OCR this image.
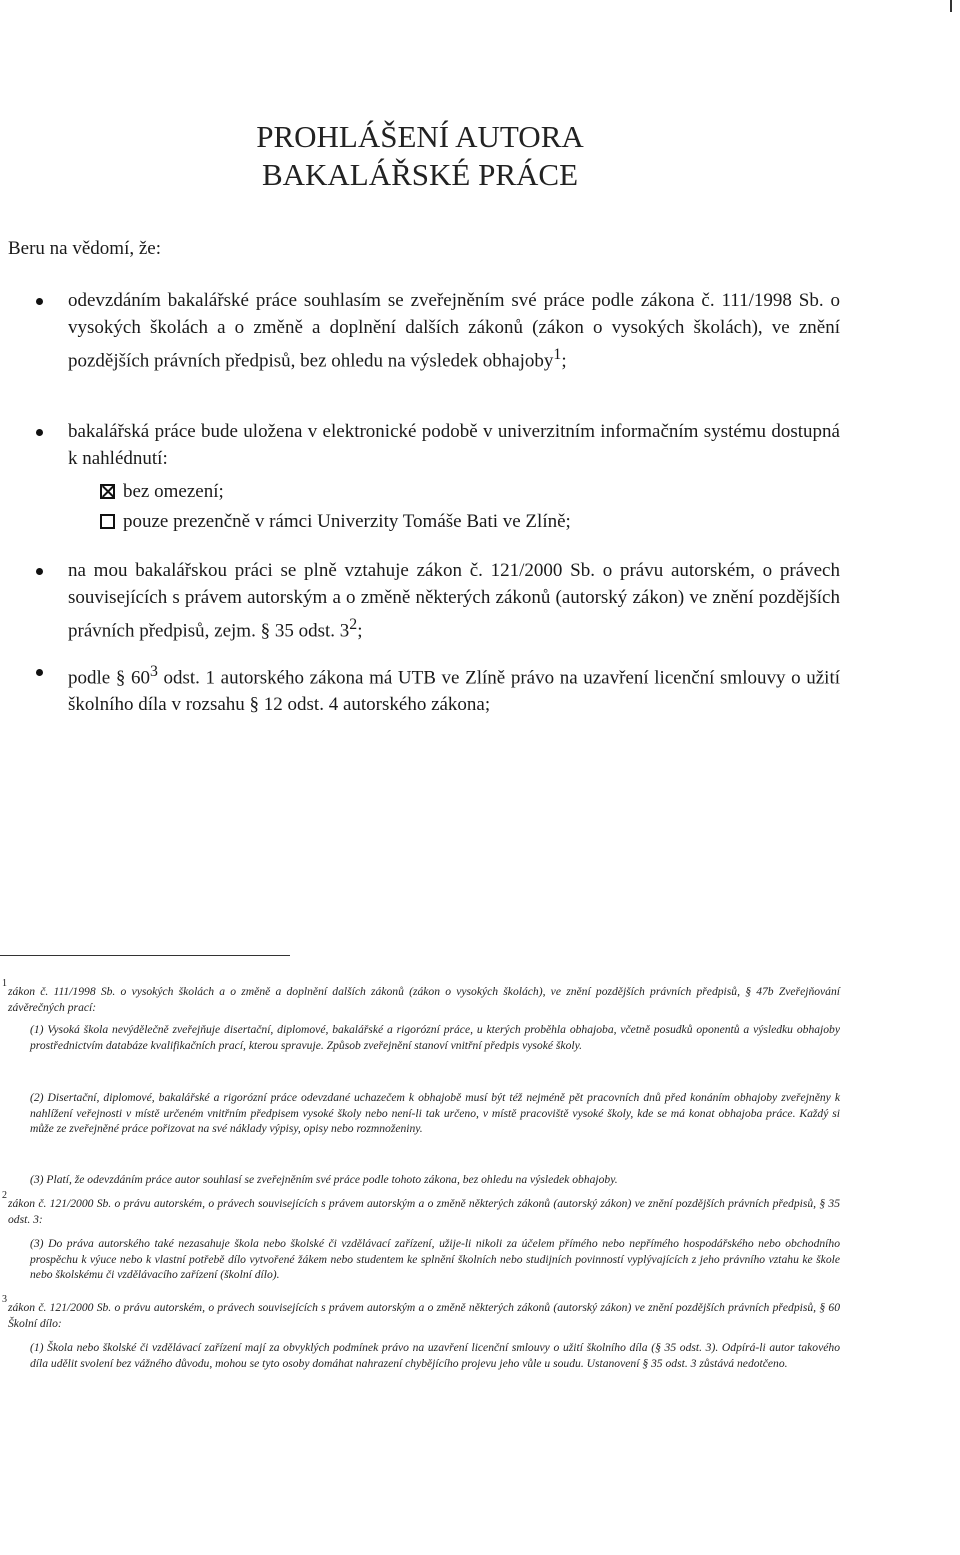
PROHLÁŠENÍ AUTORA
BAKALÁŘSKÉ PRÁCE
Beru na vědomí, že:
odevzdáním bakalářské práce souhlasím se zveřejněním své práce podle zákona č. 111/1998 Sb. o vysokých školách a o změně a doplnění dalších zákonů (zákon o vysokých školách), ve znění pozdějších právních předpisů, bez ohledu na výsledek obhajoby$^1$;
bakalářská práce bude uložena v elektronické podobě v univerzitním informačním systému dostupná k nahlédnutí:
bez omezení;
pouze prezenčně v rámci Univerzity Tomáše Bati ve Zlíně;
na mou bakalářskou práci se plně vztahuje zákon č. 121/2000 Sb. o právu autorském, o právech souvisejících s právem autorským a o změně některých zákonů (autorský zákon) ve znění pozdějších právních předpisů, zejm. § 35 odst. $3^2$;
podle § $60^3$ odst. 1 autorského zákona má UTB ve Zlíně právo na uzavření licenční smlouvy o užití školního díla v rozsahu § 12 odst. 4 autorského zákona;
1
zákon č. 111/1998 Sb. o vysokých školách a o změně a doplnění dalších zákonů (zákon o vysokých školách), ve znění pozdějších právních předpisů, § 47b Zveřejňování závěrečných prací:
(1) Vysoká škola nevýdělečně zveřejňuje disertační, diplomové, bakalářské a rigorózní práce, u kterých proběhla obhajoba, včetně posudků oponentů a výsledku obhajoby prostřednictvím databáze kvalifikačních prací, kterou spravuje. Způsob zveřejnění stanoví vnitřní předpis vysoké školy.
(2) Disertační, diplomové, bakalářské a rigorózní práce odevzdané uchazečem k obhajobě musí být též nejméně pět pracovních dnů před konáním obhajoby zveřejněny k nahlížení veřejnosti v místě určeném vnitřním předpisem vysoké školy nebo není-li tak určeno, v místě pracoviště vysoké školy, kde se má konat obhajoba práce. Každý si může ze zveřejněné práce pořizovat na své náklady výpisy, opisy nebo rozmnoženiny.
(3) Platí, že odevzdáním práce autor souhlasí se zveřejněním své práce podle tohoto zákona, bez ohledu na výsledek obhajoby.
2
zákon č. 121/2000 Sb. o právu autorském, o právech souvisejících s právem autorským a o změně některých zákonů (autorský zákon) ve znění pozdějších právních předpisů, § 35 odst. 3:
(3) Do práva autorského také nezasahuje škola nebo školské či vzdělávací zařízení, užije-li nikoli za účelem přímého nebo nepřímého hospodářského nebo obchodního prospěchu k výuce nebo k vlastní potřebě dílo vytvořené žákem nebo studentem ke splnění školních nebo studijních povinností vyplývajících z jeho právního vztahu ke škole nebo školskému či vzdělávacího zařízení (školní dílo).
3
zákon č. 121/2000 Sb. o právu autorském, o právech souvisejících s právem autorským a o změně některých zákonů (autorský zákon) ve znění pozdějších právních předpisů, § 60 Školní dílo:
(1) Škola nebo školské či vzdělávací zařízení mají za obvyklých podmínek právo na uzavření licenční smlouvy o užití školního díla (§ 35 odst. 3). Odpírá-li autor takového díla udělit svolení bez vážného důvodu, mohou se tyto osoby domáhat nahrazení chybějícího projevu jeho vůle u soudu. Ustanovení § 35 odst. 3 zůstává nedotčeno.
